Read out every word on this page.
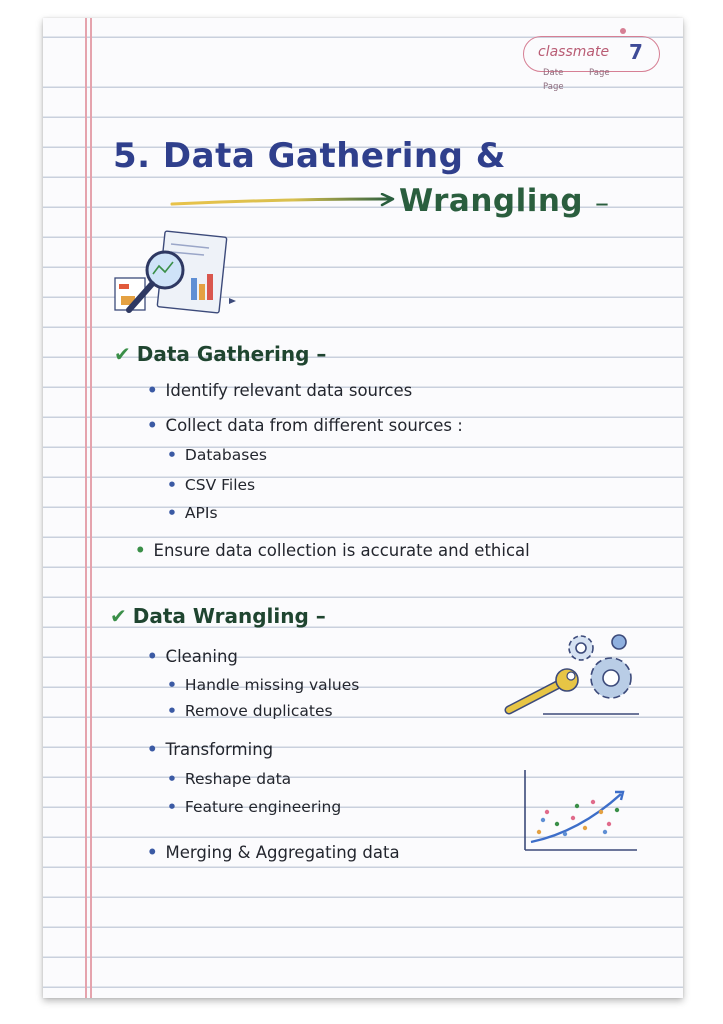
classmate 7
Date	Page
Page
5. Data Gathering &
Wrangling –
✔ Data Gathering –
• Identify relevant data sources
• Collect data from different sources :
• Databases
• CSV Files
• APIs
• Ensure data collection is accurate and ethical
✔ Data Wrangling –
• Cleaning
• Handle missing values
• Remove duplicates
• Transforming
• Reshape data
• Feature engineering
• Merging & Aggregating data
